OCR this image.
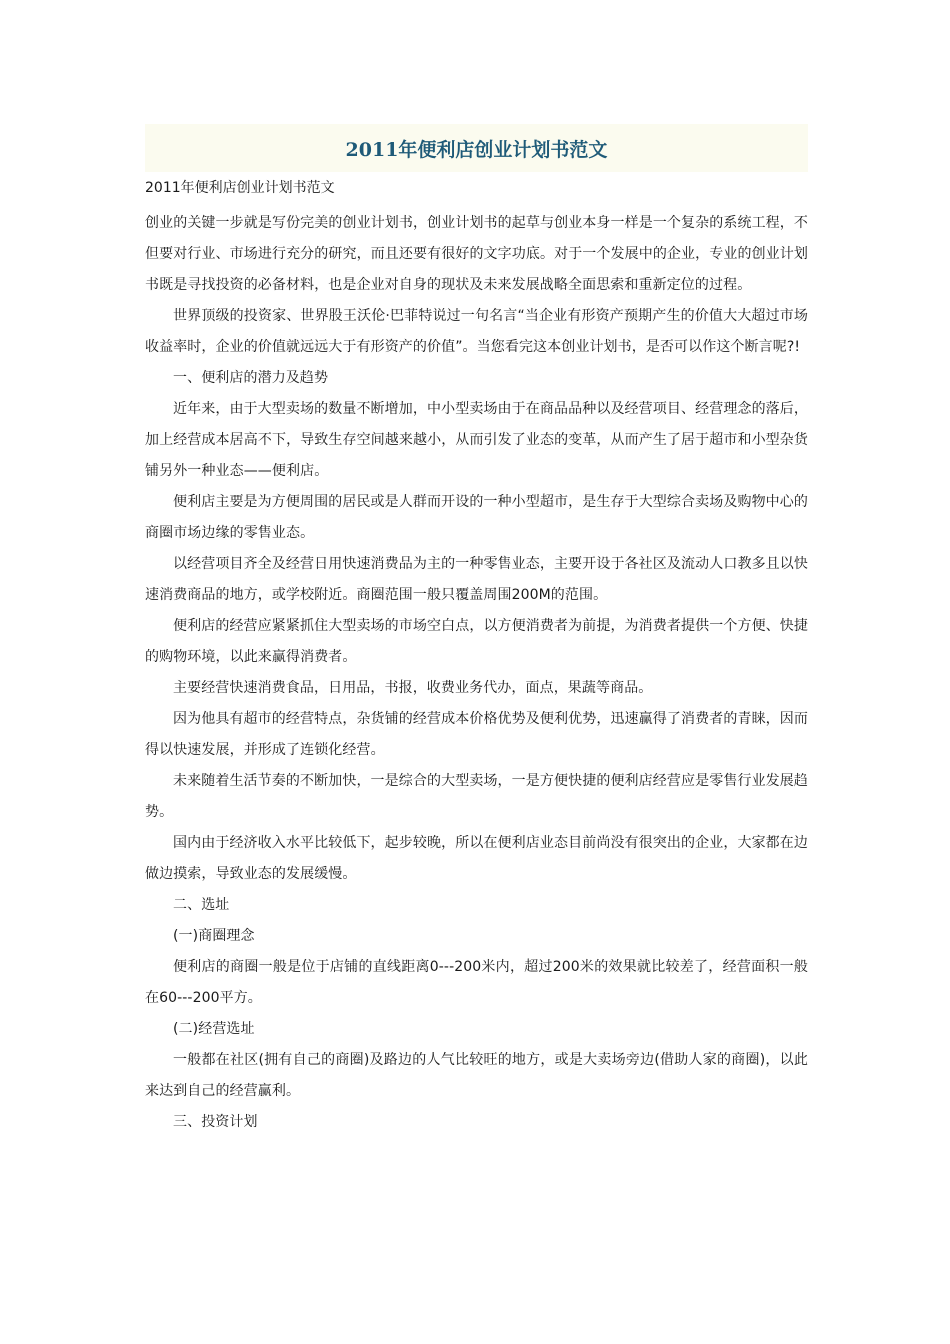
2011年便利店创业计划书范文

2011年便利店创业计划书范文

创业的关键一步就是写份完美的创业计划书，创业计划书的起草与创业本身一样是一个复杂的系统工程，不但要对行业、市场进行充分的研究，而且还要有很好的文字功底。对于一个发展中的企业，专业的创业计划书既是寻找投资的必备材料，也是企业对自身的现状及未来发展战略全面思索和重新定位的过程。

世界顶级的投资家、世界股王沃伦·巴菲特说过一句名言“当企业有形资产预期产生的价值大大超过市场收益率时，企业的价值就远远大于有形资产的价值”。当您看完这本创业计划书，是否可以作这个断言呢?!

一、便利店的潜力及趋势

近年来，由于大型卖场的数量不断增加，中小型卖场由于在商品品种以及经营项目、经营理念的落后，加上经营成本居高不下，导致生存空间越来越小，从而引发了业态的变革，从而产生了居于超市和小型杂货铺另外一种业态——便利店。

便利店主要是为方便周围的居民或是人群而开设的一种小型超市，是生存于大型综合卖场及购物中心的商圈市场边缘的零售业态。

以经营项目齐全及经营日用快速消费品为主的一种零售业态，主要开设于各社区及流动人口教多且以快速消费商品的地方，或学校附近。商圈范围一般只覆盖周围200M的范围。

便利店的经营应紧紧抓住大型卖场的市场空白点，以方便消费者为前提，为消费者提供一个方便、快捷的购物环境，以此来赢得消费者。

主要经营快速消费食品，日用品，书报，收费业务代办，面点，果蔬等商品。

因为他具有超市的经营特点，杂货铺的经营成本价格优势及便利优势，迅速赢得了消费者的青睐，因而得以快速发展，并形成了连锁化经营。

未来随着生活节奏的不断加快，一是综合的大型卖场，一是方便快捷的便利店经营应是零售行业发展趋势。

国内由于经济收入水平比较低下，起步较晚，所以在便利店业态目前尚没有很突出的企业，大家都在边做边摸索，导致业态的发展缓慢。

二、选址

(一)商圈理念

便利店的商圈一般是位于店铺的直线距离0---200米内，超过200米的效果就比较差了，经营面积一般在60---200平方。

(二)经营选址

一般都在社区(拥有自己的商圈)及路边的人气比较旺的地方，或是大卖场旁边(借助人家的商圈)，以此来达到自己的经营赢利。

三、投资计划
